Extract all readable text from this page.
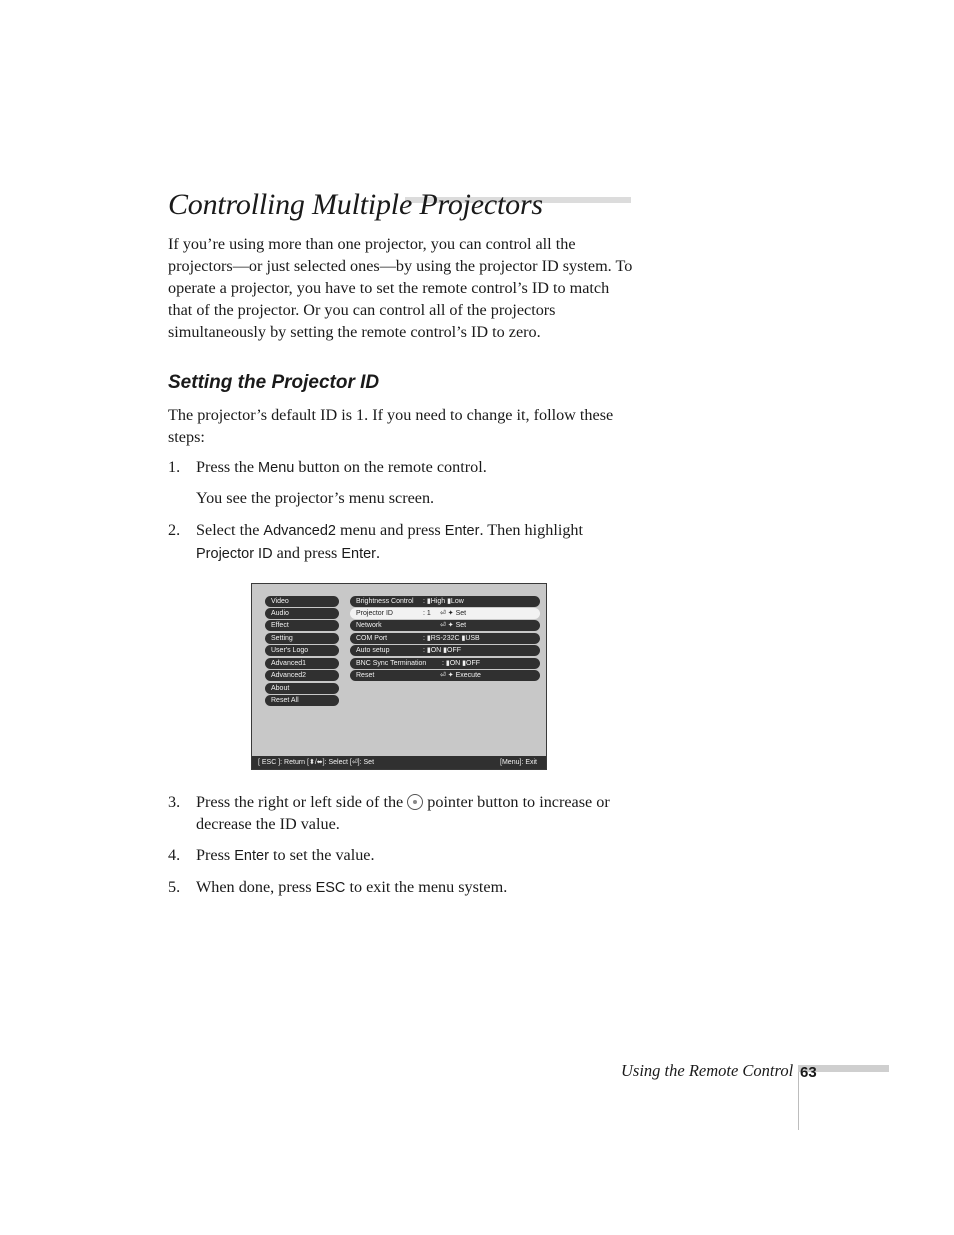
Controlling Multiple Projectors

If you’re using more than one projector, you can control all the projectors—or just selected ones—by using the projector ID system. To operate a projector, you have to set the remote control’s ID to match that of the projector. Or you can control all of the projectors simultaneously by setting the remote control’s ID to zero.

Setting the Projector ID

The projector’s default ID is 1. If you need to change it, follow these steps:

1. Press the Menu button on the remote control.
You see the projector’s menu screen.
2. Select the Advanced2 menu and press Enter. Then highlight Projector ID and press Enter.
Video
Audio
Effect
Setting
User's Logo
Advanced1
Advanced2
About
Reset All
Brightness Control : ▮High ▮Low
Projector ID	: 1 ⏎ ✦ Set
Network	⏎ ✦ Set
COM Port	: ▮RS-232C ▮USB
Auto setup	: ▮ON ▮OFF
BNC Sync Termination : ▮ON ▮OFF
Reset	⏎ ✦ Execute
[ ESC ]: Return [⬍/⬌]: Select [⏎]: Set	[Menu]: Exit
3. Press the right or left side of the pointer button to increase or decrease the ID value.
4. Press Enter to set the value.
5. When done, press ESC to exit the menu system.
Using the Remote Control 63
